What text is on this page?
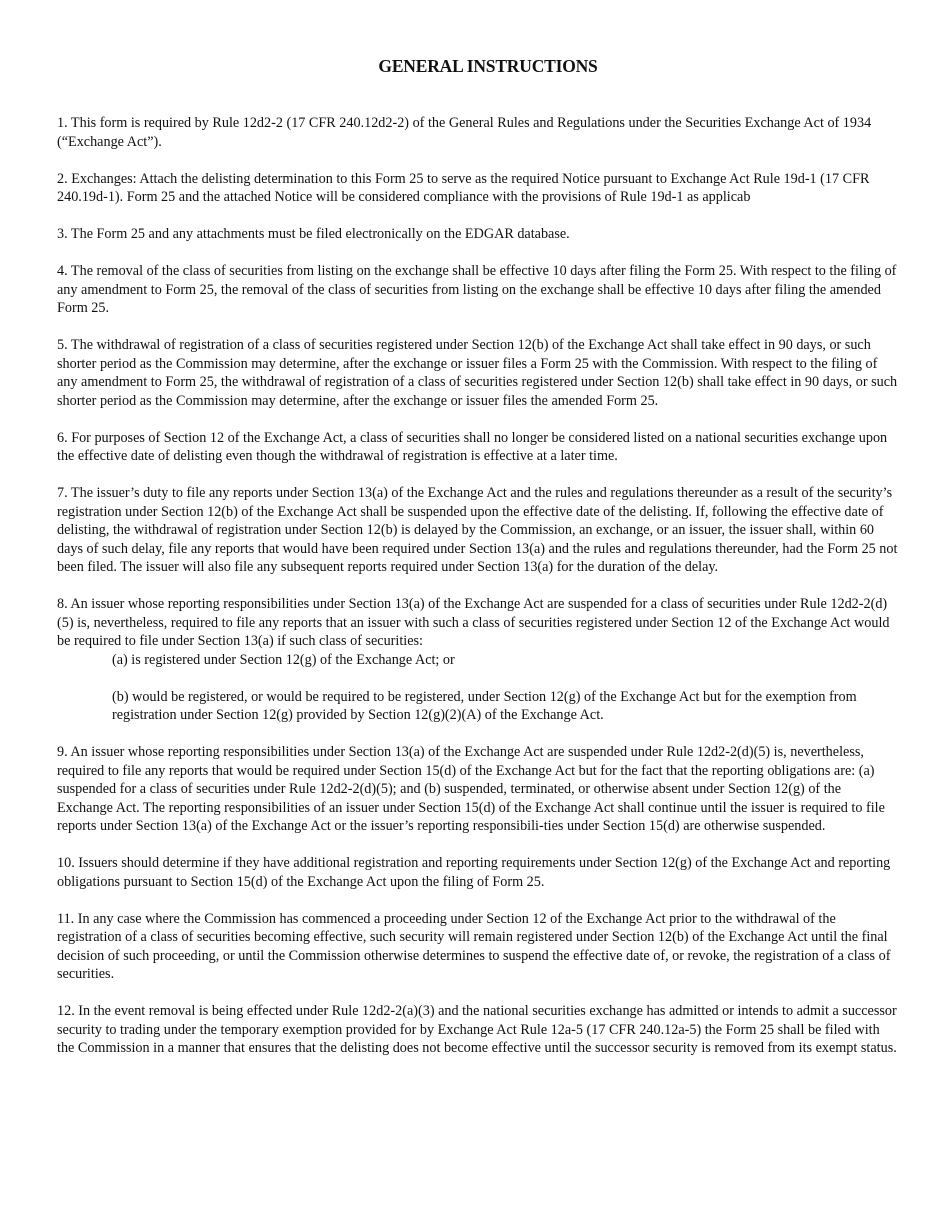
GENERAL INSTRUCTIONS

1. This form is required by Rule 12d2-2 (17 CFR 240.12d2-2) of the General Rules and Regulations under the Securities Exchange Act of 1934 (“Exchange Act”).

2. Exchanges: Attach the delisting determination to this Form 25 to serve as the required Notice pursuant to Exchange Act Rule 19d-1 (17 CFR 240.19d-1). Form 25 and the attached Notice will be considered compliance with the provisions of Rule 19d-1 as applicab

3. The Form 25 and any attachments must be filed electronically on the EDGAR database.

4. The removal of the class of securities from listing on the exchange shall be effective 10 days after filing the Form 25. With respect to the filing of any amendment to Form 25, the removal of the class of securities from listing on the exchange shall be effective 10 days after filing the amended Form 25.

5. The withdrawal of registration of a class of securities registered under Section 12(b) of the Exchange Act shall take effect in 90 days, or such shorter period as the Commission may determine, after the exchange or issuer files a Form 25 with the Commission. With respect to the filing of any amendment to Form 25, the withdrawal of registration of a class of securities registered under Section 12(b) shall take effect in 90 days, or such shorter period as the Commission may determine, after the exchange or issuer files the amended Form 25.

6. For purposes of Section 12 of the Exchange Act, a class of securities shall no longer be considered listed on a national securities exchange upon the effective date of delisting even though the withdrawal of registration is effective at a later time.

7. The issuer’s duty to file any reports under Section 13(a) of the Exchange Act and the rules and regulations thereunder as a result of the security’s registration under Section 12(b) of the Exchange Act shall be suspended upon the effective date of the delisting. If, following the effective date of delisting, the withdrawal of registration under Section 12(b) is delayed by the Commission, an exchange, or an issuer, the issuer shall, within 60 days of such delay, file any reports that would have been required under Section 13(a) and the rules and regulations thereunder, had the Form 25 not been filed. The issuer will also file any subsequent reports required under Section 13(a) for the duration of the delay.

8. An issuer whose reporting responsibilities under Section 13(a) of the Exchange Act are suspended for a class of securities under Rule 12d2-2(d)(5) is, nevertheless, required to file any reports that an issuer with such a class of securities registered under Section 12 of the Exchange Act would be required to file under Section 13(a) if such class of securities:

(a) is registered under Section 12(g) of the Exchange Act; or

(b) would be registered, or would be required to be registered, under Section 12(g) of the Exchange Act but for the exemption from registration under Section 12(g) provided by Section 12(g)(2)(A) of the Exchange Act.

9. An issuer whose reporting responsibilities under Section 13(a) of the Exchange Act are suspended under Rule 12d2-2(d)(5) is, nevertheless, required to file any reports that would be required under Section 15(d) of the Exchange Act but for the fact that the reporting obligations are: (a) suspended for a class of securities under Rule 12d2-2(d)(5); and (b) suspended, terminated, or otherwise absent under Section 12(g) of the Exchange Act. The reporting responsibilities of an issuer under Section 15(d) of the Exchange Act shall continue until the issuer is required to file reports under Section 13(a) of the Exchange Act or the issuer’s reporting responsibili-ties under Section 15(d) are otherwise suspended.

10. Issuers should determine if they have additional registration and reporting requirements under Section 12(g) of the Exchange Act and reporting obligations pursuant to Section 15(d) of the Exchange Act upon the filing of Form 25.

11. In any case where the Commission has commenced a proceeding under Section 12 of the Exchange Act prior to the withdrawal of the registration of a class of securities becoming effective, such security will remain registered under Section 12(b) of the Exchange Act until the final decision of such proceeding, or until the Commission otherwise determines to suspend the effective date of, or revoke, the registration of a class of securities.

12. In the event removal is being effected under Rule 12d2-2(a)(3) and the national securities exchange has admitted or intends to admit a successor security to trading under the temporary exemption provided for by Exchange Act Rule 12a-5 (17 CFR 240.12a-5) the Form 25 shall be filed with the Commission in a manner that ensures that the delisting does not become effective until the successor security is removed from its exempt status.
